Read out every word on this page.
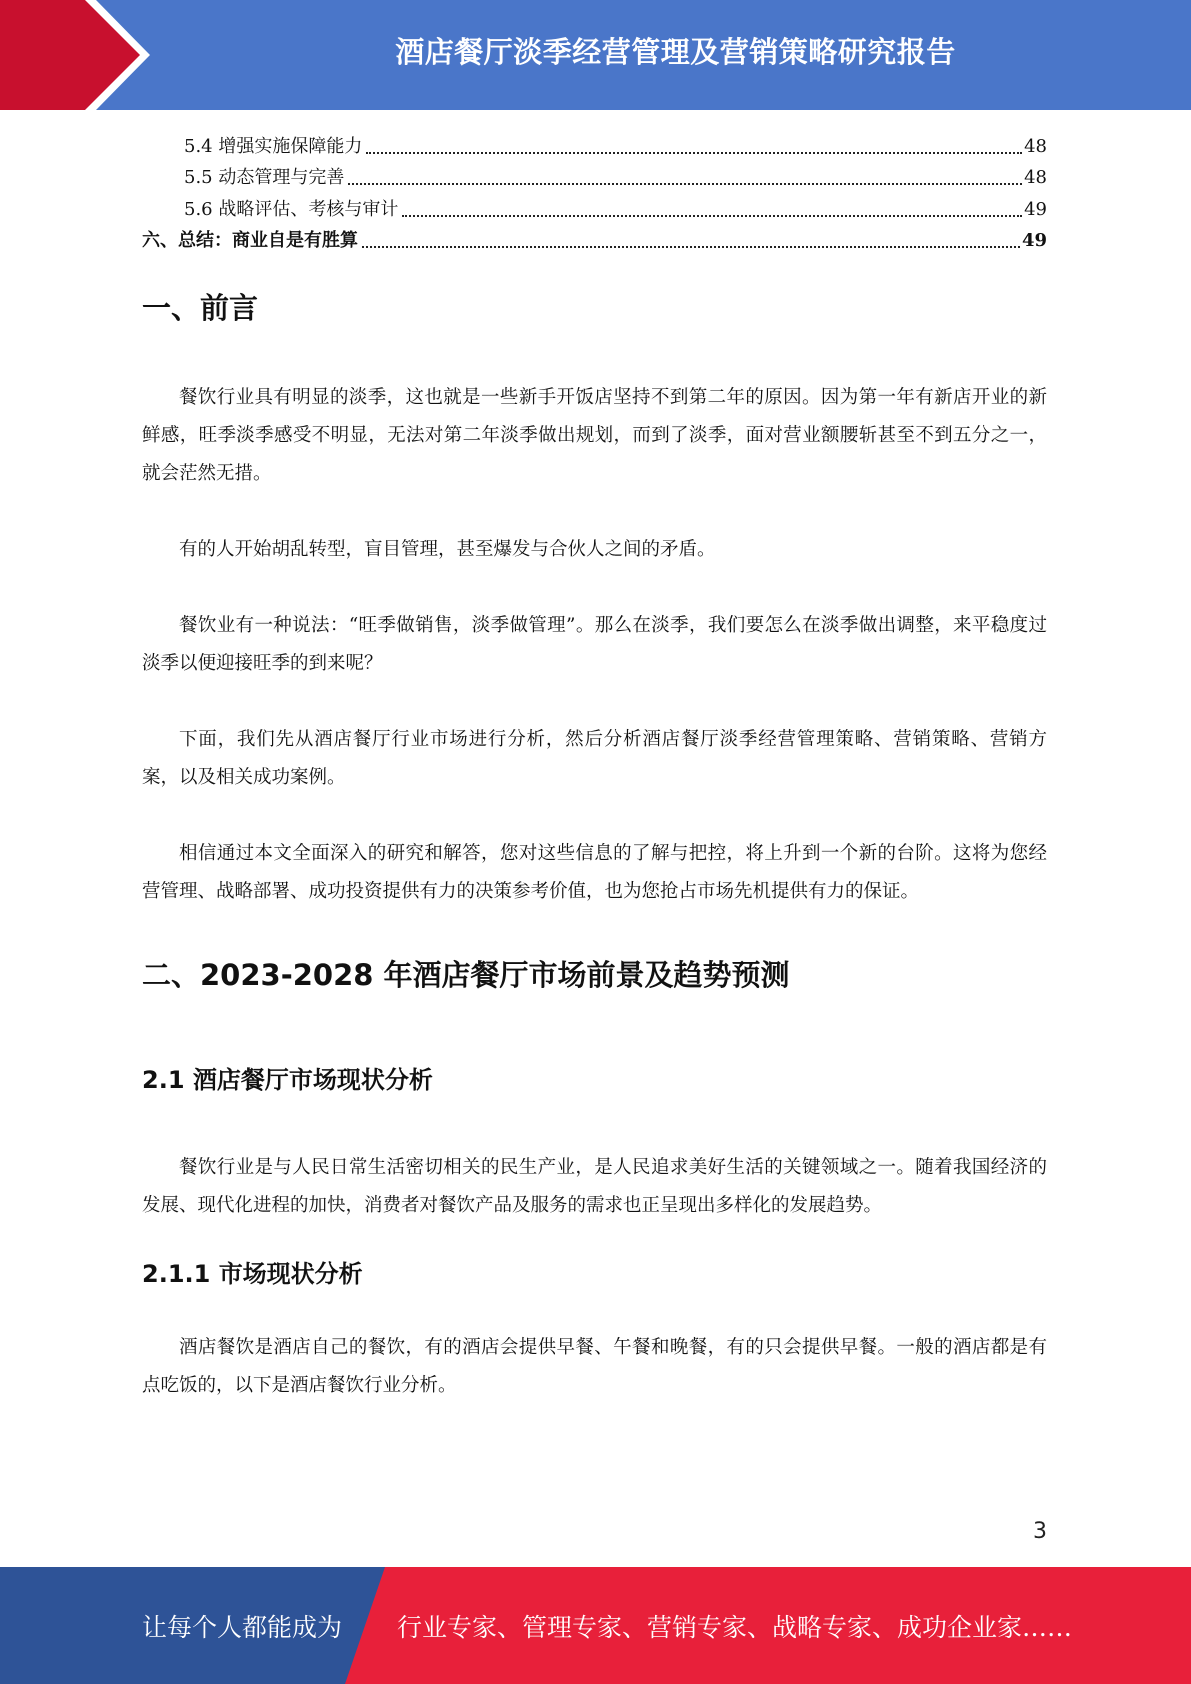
酒店餐厅淡季经营管理及营销策略研究报告
5.4 增强实施保障能力	48
5.5 动态管理与完善	48
5.6 战略评估、考核与审计	49
六、总结：商业自是有胜算	49
一、前言

餐饮行业具有明显的淡季，这也就是一些新手开饭店坚持不到第二年的原因。因为第一年有新店开业的新鲜感，旺季淡季感受不明显，无法对第二年淡季做出规划，而到了淡季，面对营业额腰斩甚至不到五分之一，就会茫然无措。

有的人开始胡乱转型，盲目管理，甚至爆发与合伙人之间的矛盾。

餐饮业有一种说法：“旺季做销售，淡季做管理”。那么在淡季，我们要怎么在淡季做出调整，来平稳度过淡季以便迎接旺季的到来呢？

下面，我们先从酒店餐厅行业市场进行分析，然后分析酒店餐厅淡季经营管理策略、营销策略、营销方案，以及相关成功案例。

相信通过本文全面深入的研究和解答，您对这些信息的了解与把控，将上升到一个新的台阶。这将为您经营管理、战略部署、成功投资提供有力的决策参考价值，也为您抢占市场先机提供有力的保证。

二、2023-2028 年酒店餐厅市场前景及趋势预测
2.1 酒店餐厅市场现状分析

餐饮行业是与人民日常生活密切相关的民生产业，是人民追求美好生活的关键领域之一。随着我国经济的发展、现代化进程的加快，消费者对餐饮产品及服务的需求也正呈现出多样化的发展趋势。

2.1.1 市场现状分析

酒店餐饮是酒店自己的餐饮，有的酒店会提供早餐、午餐和晚餐，有的只会提供早餐。一般的酒店都是有点吃饭的，以下是酒店餐饮行业分析。

3
让每个人都能成为 行业专家、管理专家、营销专家、战略专家、成功企业家……
